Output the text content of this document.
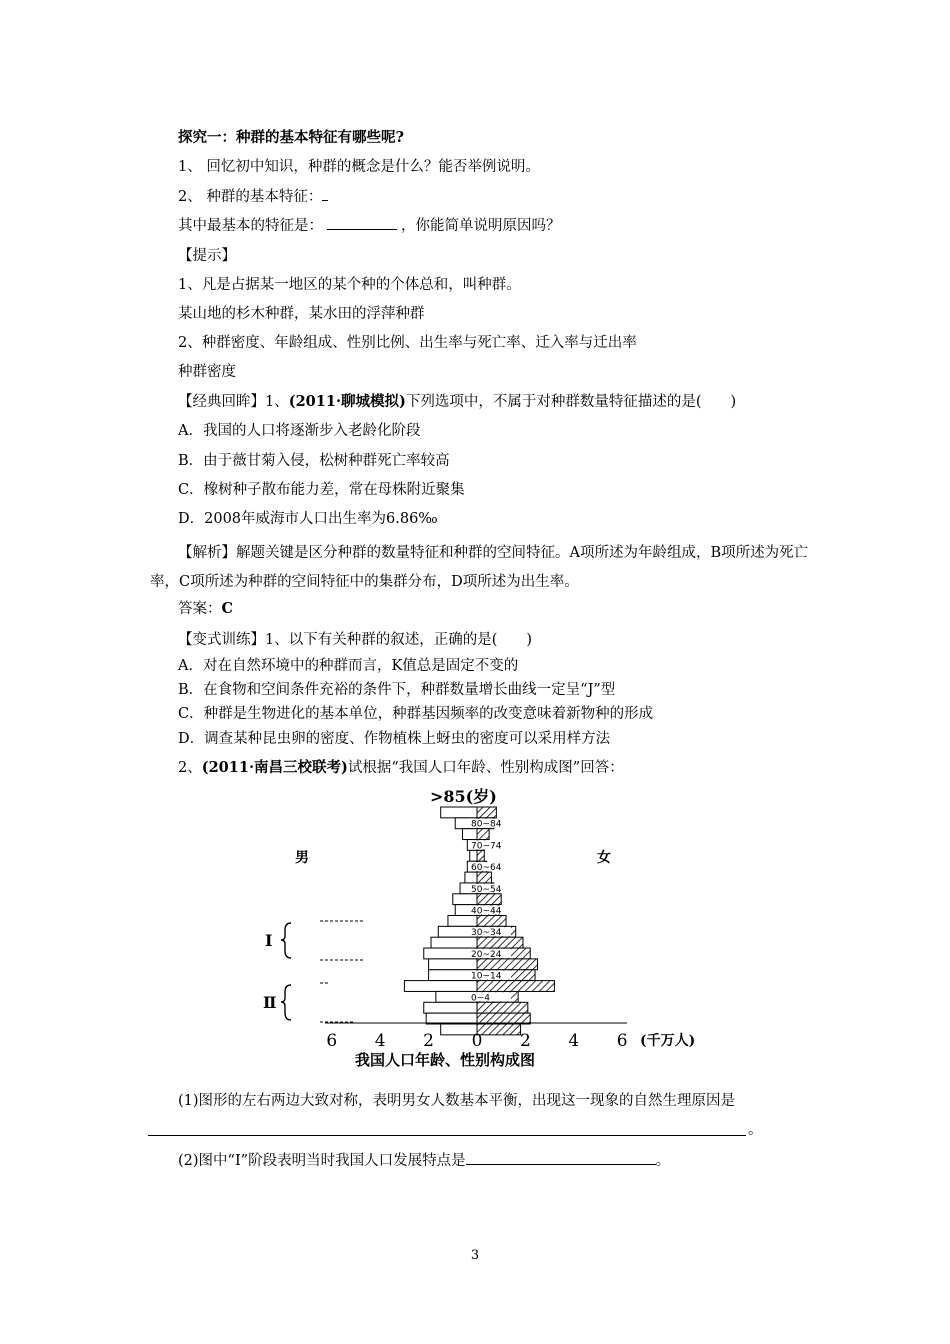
探究一：种群的基本特征有哪些呢?
1、 回忆初中知识，种群的概念是什么？能否举例说明。
2、 种群的基本特征：
其中最基本的特征是：	，你能简单说明原因吗？
【提示】
1、凡是占据某一地区的某个种的个体总和，叫种群。
某山地的杉木种群，某水田的浮萍种群
2、种群密度、年龄组成、性别比例、出生率与死亡率、迁入率与迁出率
种群密度
【经典回眸】1、(2011·聊城模拟)下列选项中，不属于对种群数量特征描述的是(　　)
A．我国的人口将逐渐步入老龄化阶段
B．由于薇甘菊入侵，松树种群死亡率较高
C．橡树种子散布能力差，常在母株附近聚集
D．2008年威海市人口出生率为6.86‰
【解析】解题关键是区分种群的数量特征和种群的空间特征。A项所述为年龄组成，B项所述为死亡率，C项所述为种群的空间特征中的集群分布，D项所述为出生率。
答案：C
【变式训练】1、以下有关种群的叙述，正确的是(　　)
A．对在自然环境中的种群而言，K值总是固定不变的
B．在食物和空间条件充裕的条件下，种群数量增长曲线一定呈“J”型
C．种群是生物进化的基本单位，种群基因频率的改变意味着新物种的形成
D．调查某种昆虫卵的密度、作物植株上蚜虫的密度可以采用样方法
2、(2011·南昌三校联考)试根据“我国人口年龄、性别构成图”回答：
80~84
70~74
60~64
50~54
40~44
30~34
20~24
10~14
0~4
>85(岁)
男	女
Ⅰ
Ⅱ
6 4 2 0 2 4 6 (千万人)
我国人口年龄、性别构成图
(1)图形的左右两边大致对称，表明男女人数基本平衡，出现这一现象的自然生理原因是
。
(2)图中“Ⅰ”阶段表明当时我国人口发展特点是	。
3
